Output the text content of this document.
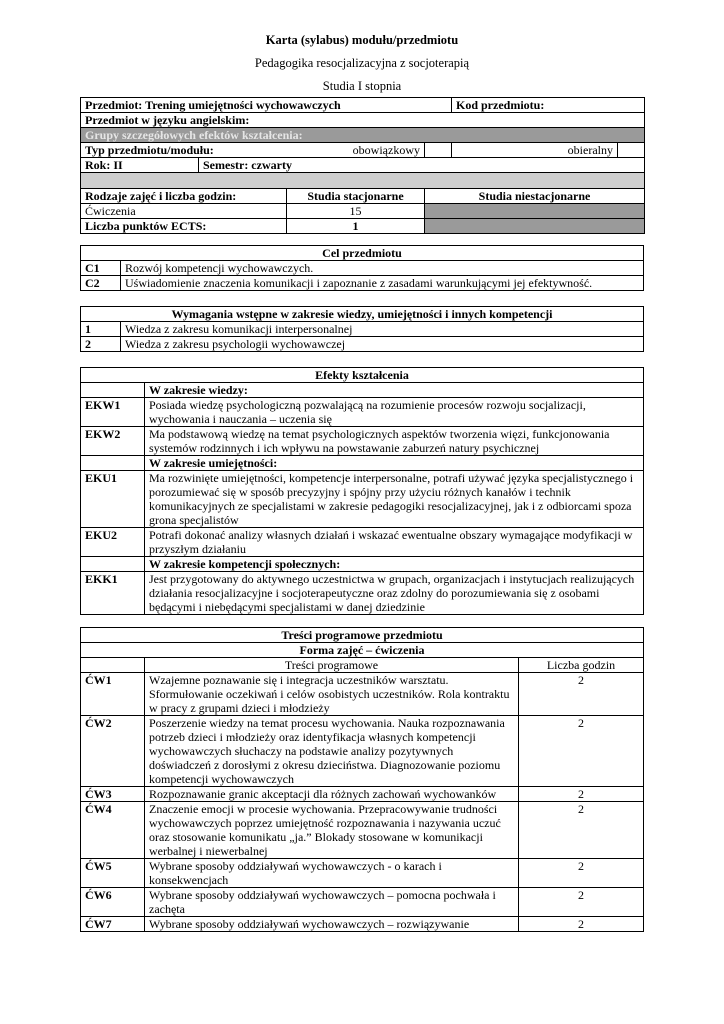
Karta (sylabus) modułu/przedmiotu
Pedagogika resocjalizacyjna z socjoterapią
Studia I stopnia
Przedmiot: Trening umiejętności wychowawczych				Kod przedmiotu:	
Przedmiot w języku angielskim:					
Grupy szczegółowych efektów kształcenia:					
Typ przedmiotu/modułu:		obowiązkowy		obieralny	
Rok: II	Semestr: czwarty				

Rodzaje zajęć i liczba godzin:		Studia stacjonarne	Studia niestacjonarne		
Ćwiczenia		15			
Liczba punktów ECTS:		1			
Cel przedmiotu	
C1	Rozwój kompetencji wychowawczych.
C2	Uświadomienie znaczenia komunikacji i zapoznanie z zasadami warunkującymi jej efektywność.
Wymagania wstępne w zakresie wiedzy, umiejętności i innych kompetencji	
1	Wiedza z zakresu komunikacji interpersonalnej
2	Wiedza z zakresu psychologii wychowawczej
Efekty kształcenia	
	W zakresie wiedzy:
EKW1	Posiada wiedzę psychologiczną pozwalającą na rozumienie procesów rozwoju socjalizacji, wychowania i nauczania – uczenia się
EKW2	Ma podstawową wiedzę na temat psychologicznych aspektów tworzenia więzi, funkcjonowania systemów rodzinnych i ich wpływu na powstawanie zaburzeń natury psychicznej
	W zakresie umiejętności:
EKU1	Ma rozwinięte umiejętności, kompetencje interpersonalne, potrafi używać języka specjalistycznego i porozumiewać się w sposób precyzyjny i spójny przy użyciu różnych kanałów i technik komunikacyjnych ze specjalistami w zakresie pedagogiki resocjalizacyjnej, jak i z odbiorcami spoza grona specjalistów
EKU2	Potrafi dokonać analizy własnych działań i wskazać ewentualne obszary wymagające modyfikacji w przyszłym działaniu
	W zakresie kompetencji społecznych:
EKK1	Jest przygotowany do aktywnego uczestnictwa w grupach, organizacjach i instytucjach realizujących działania resocjalizacyjne i socjoterapeutyczne oraz zdolny do porozumiewania się z osobami będącymi i niebędącymi specjalistami w danej dziedzinie
Treści programowe przedmiotu		
Forma zajęć – ćwiczenia		
	Treści programowe	Liczba godzin
ĆW1	Wzajemne poznawanie się i integracja uczestników warsztatu. Sformułowanie oczekiwań i celów osobistych uczestników. Rola kontraktu w pracy z grupami dzieci i młodzieży	2
ĆW2	Poszerzenie wiedzy na temat procesu wychowania. Nauka rozpoznawania potrzeb dzieci i młodzieży oraz identyfikacja własnych kompetencji wychowawczych słuchaczy na podstawie analizy pozytywnych doświadczeń z dorosłymi z okresu dzieciństwa. Diagnozowanie poziomu kompetencji wychowawczych	2
ĆW3	Rozpoznawanie granic akceptacji dla różnych zachowań wychowanków	2
ĆW4	Znaczenie emocji w procesie wychowania. Przepracowywanie trudności wychowawczych poprzez umiejętność rozpoznawania i nazywania uczuć oraz stosowanie komunikatu „ja.” Blokady stosowane w komunikacji werbalnej i niewerbalnej	2
ĆW5	Wybrane sposoby oddziaływań wychowawczych - o karach i konsekwencjach	2
ĆW6	Wybrane sposoby oddziaływań wychowawczych – pomocna pochwała i zachęta	2
ĆW7	Wybrane sposoby oddziaływań wychowawczych – rozwiązywanie	2
